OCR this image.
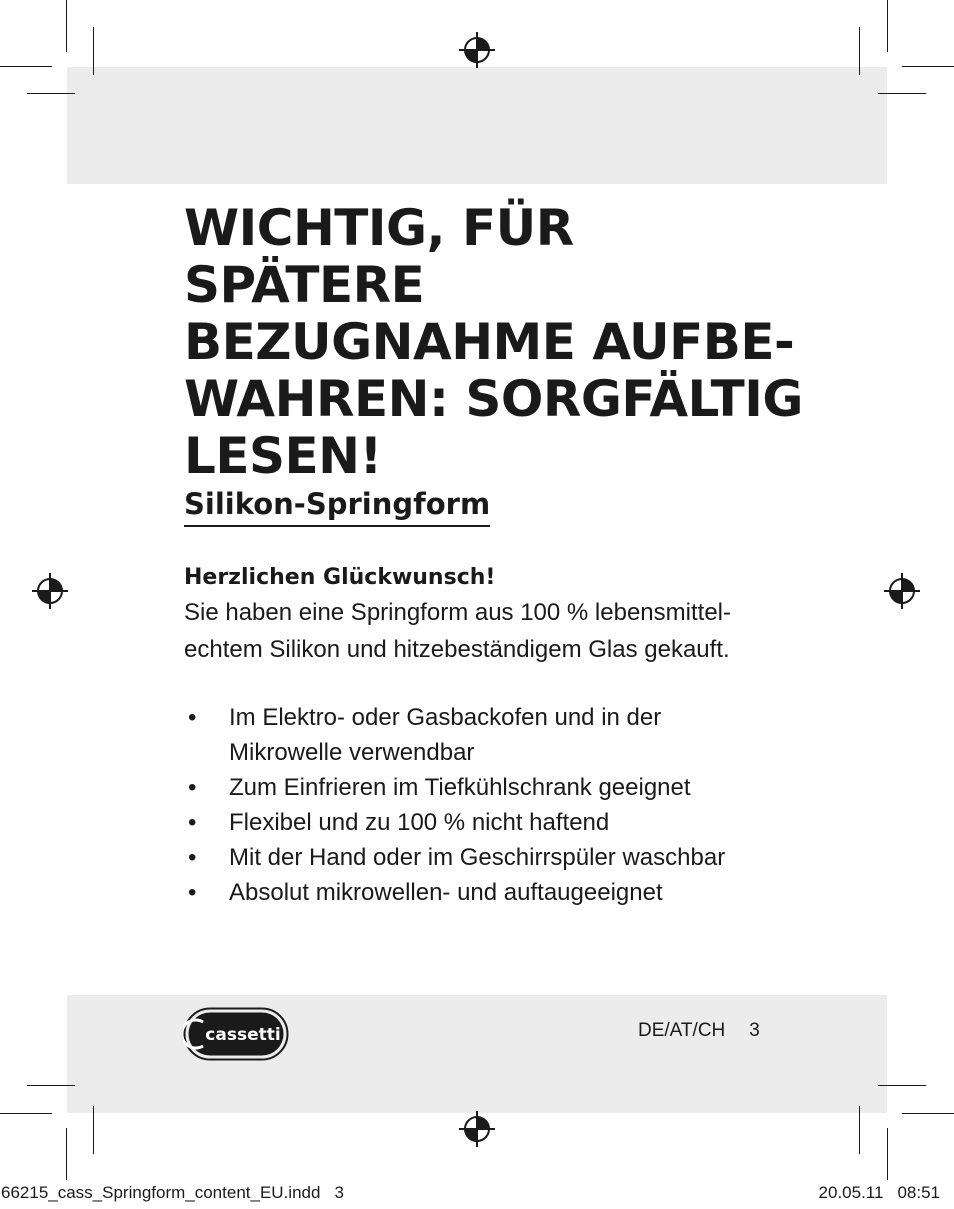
WICHTIG, FÜR SPÄTERE
BEZUGNAHME AUFBE-
WAHREN: SORGFÄLTIG
LESEN!
Silikon-Springform

Herzlichen Glückwunsch!

Sie haben eine Springform aus 100 % lebensmittel-
echtem Silikon und hitzebeständigem Glas gekauft.

• Im Elektro- oder Gasbackofen und in der
Mikrowelle verwendbar
• Zum Einfrieren im Tiefkühlschrank geeignet
• Flexibel und zu 100 % nicht haftend
• Mit der Hand oder im Geschirrspüler waschbar
• Absolut mikrowellen- und auftaugeeignet
cassetti	DE/AT/CH 3
66215_cass_Springform_content_EU.indd 3	20.05.11 08:51
